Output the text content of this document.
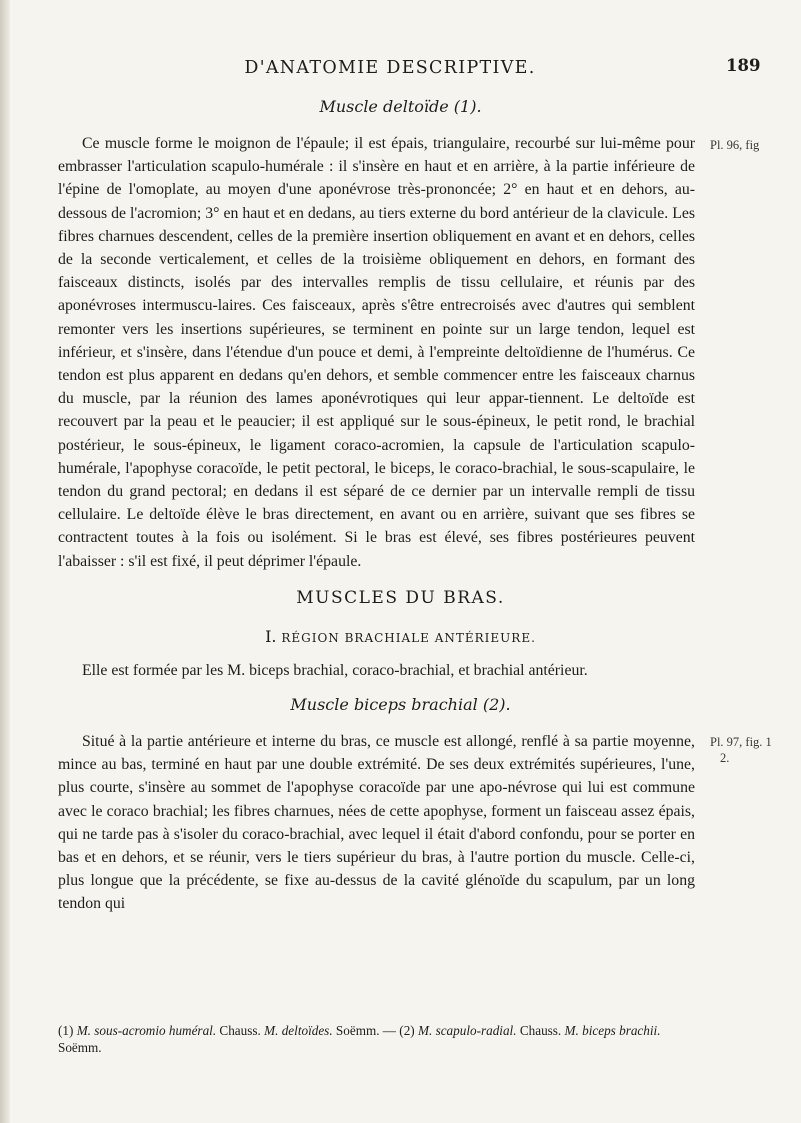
D'ANATOMIE DESCRIPTIVE.	189
Muscle deltoïde (1).
Pl. 96, fig

Ce muscle forme le moignon de l'épaule; il est épais, triangulaire, recourbé sur lui-même pour embrasser l'articulation scapulo-humérale : il s'insère en haut et en arrière, à la partie inférieure de l'épine de l'omoplate, au moyen d'une aponévrose très-prononcée; 2° en haut et en dehors, au-dessous de l'acromion; 3° en haut et en dedans, au tiers externe du bord antérieur de la clavicule. Les fibres charnues descendent, celles de la première insertion obliquement en avant et en dehors, celles de la seconde verticalement, et celles de la troisième obliquement en dehors, en formant des faisceaux distincts, isolés par des intervalles remplis de tissu cellulaire, et réunis par des aponévroses intermuscu-laires. Ces faisceaux, après s'être entrecroisés avec d'autres qui semblent remonter vers les insertions supérieures, se terminent en pointe sur un large tendon, lequel est inférieur, et s'insère, dans l'étendue d'un pouce et demi, à l'empreinte deltoïdienne de l'humérus. Ce tendon est plus apparent en dedans qu'en dehors, et semble commencer entre les faisceaux charnus du muscle, par la réunion des lames aponévrotiques qui leur appar-tiennent. Le deltoïde est recouvert par la peau et le peaucier; il est appliqué sur le sous-épineux, le petit rond, le brachial postérieur, le sous-épineux, le ligament coraco-acromien, la capsule de l'articulation scapulo-humérale, l'apophyse coracoïde, le petit pectoral, le biceps, le coraco-brachial, le sous-scapulaire, le tendon du grand pectoral; en dedans il est séparé de ce dernier par un intervalle rempli de tissu cellulaire. Le deltoïde élève le bras directement, en avant ou en arrière, suivant que ses fibres se contractent toutes à la fois ou isolément. Si le bras est élevé, ses fibres postérieures peuvent l'abaisser : s'il est fixé, il peut déprimer l'épaule.

MUSCLES DU BRAS.
I. RÉGION BRACHIALE ANTÉRIEURE.

Elle est formée par les M. biceps brachial, coraco-brachial, et brachial antérieur.

Muscle biceps brachial (2).
Pl. 97, fig. 1
2.

Situé à la partie antérieure et interne du bras, ce muscle est allongé, renflé à sa partie moyenne, mince au bas, terminé en haut par une double extrémité. De ses deux extrémités supérieures, l'une, plus courte, s'insère au sommet de l'apophyse coracoïde par une apo-névrose qui lui est commune avec le coraco brachial; les fibres charnues, nées de cette apophyse, forment un faisceau assez épais, qui ne tarde pas à s'isoler du coraco-brachial, avec lequel il était d'abord confondu, pour se porter en bas et en dehors, et se réunir, vers le tiers supérieur du bras, à l'autre portion du muscle. Celle-ci, plus longue que la précédente, se fixe au-dessus de la cavité glénoïde du scapulum, par un long tendon qui

(1) M. sous-acromio huméral. Chauss. M. deltoïdes. Soëmm. — (2) M. scapulo-radial. Chauss. M. biceps brachii. Soëmm.
